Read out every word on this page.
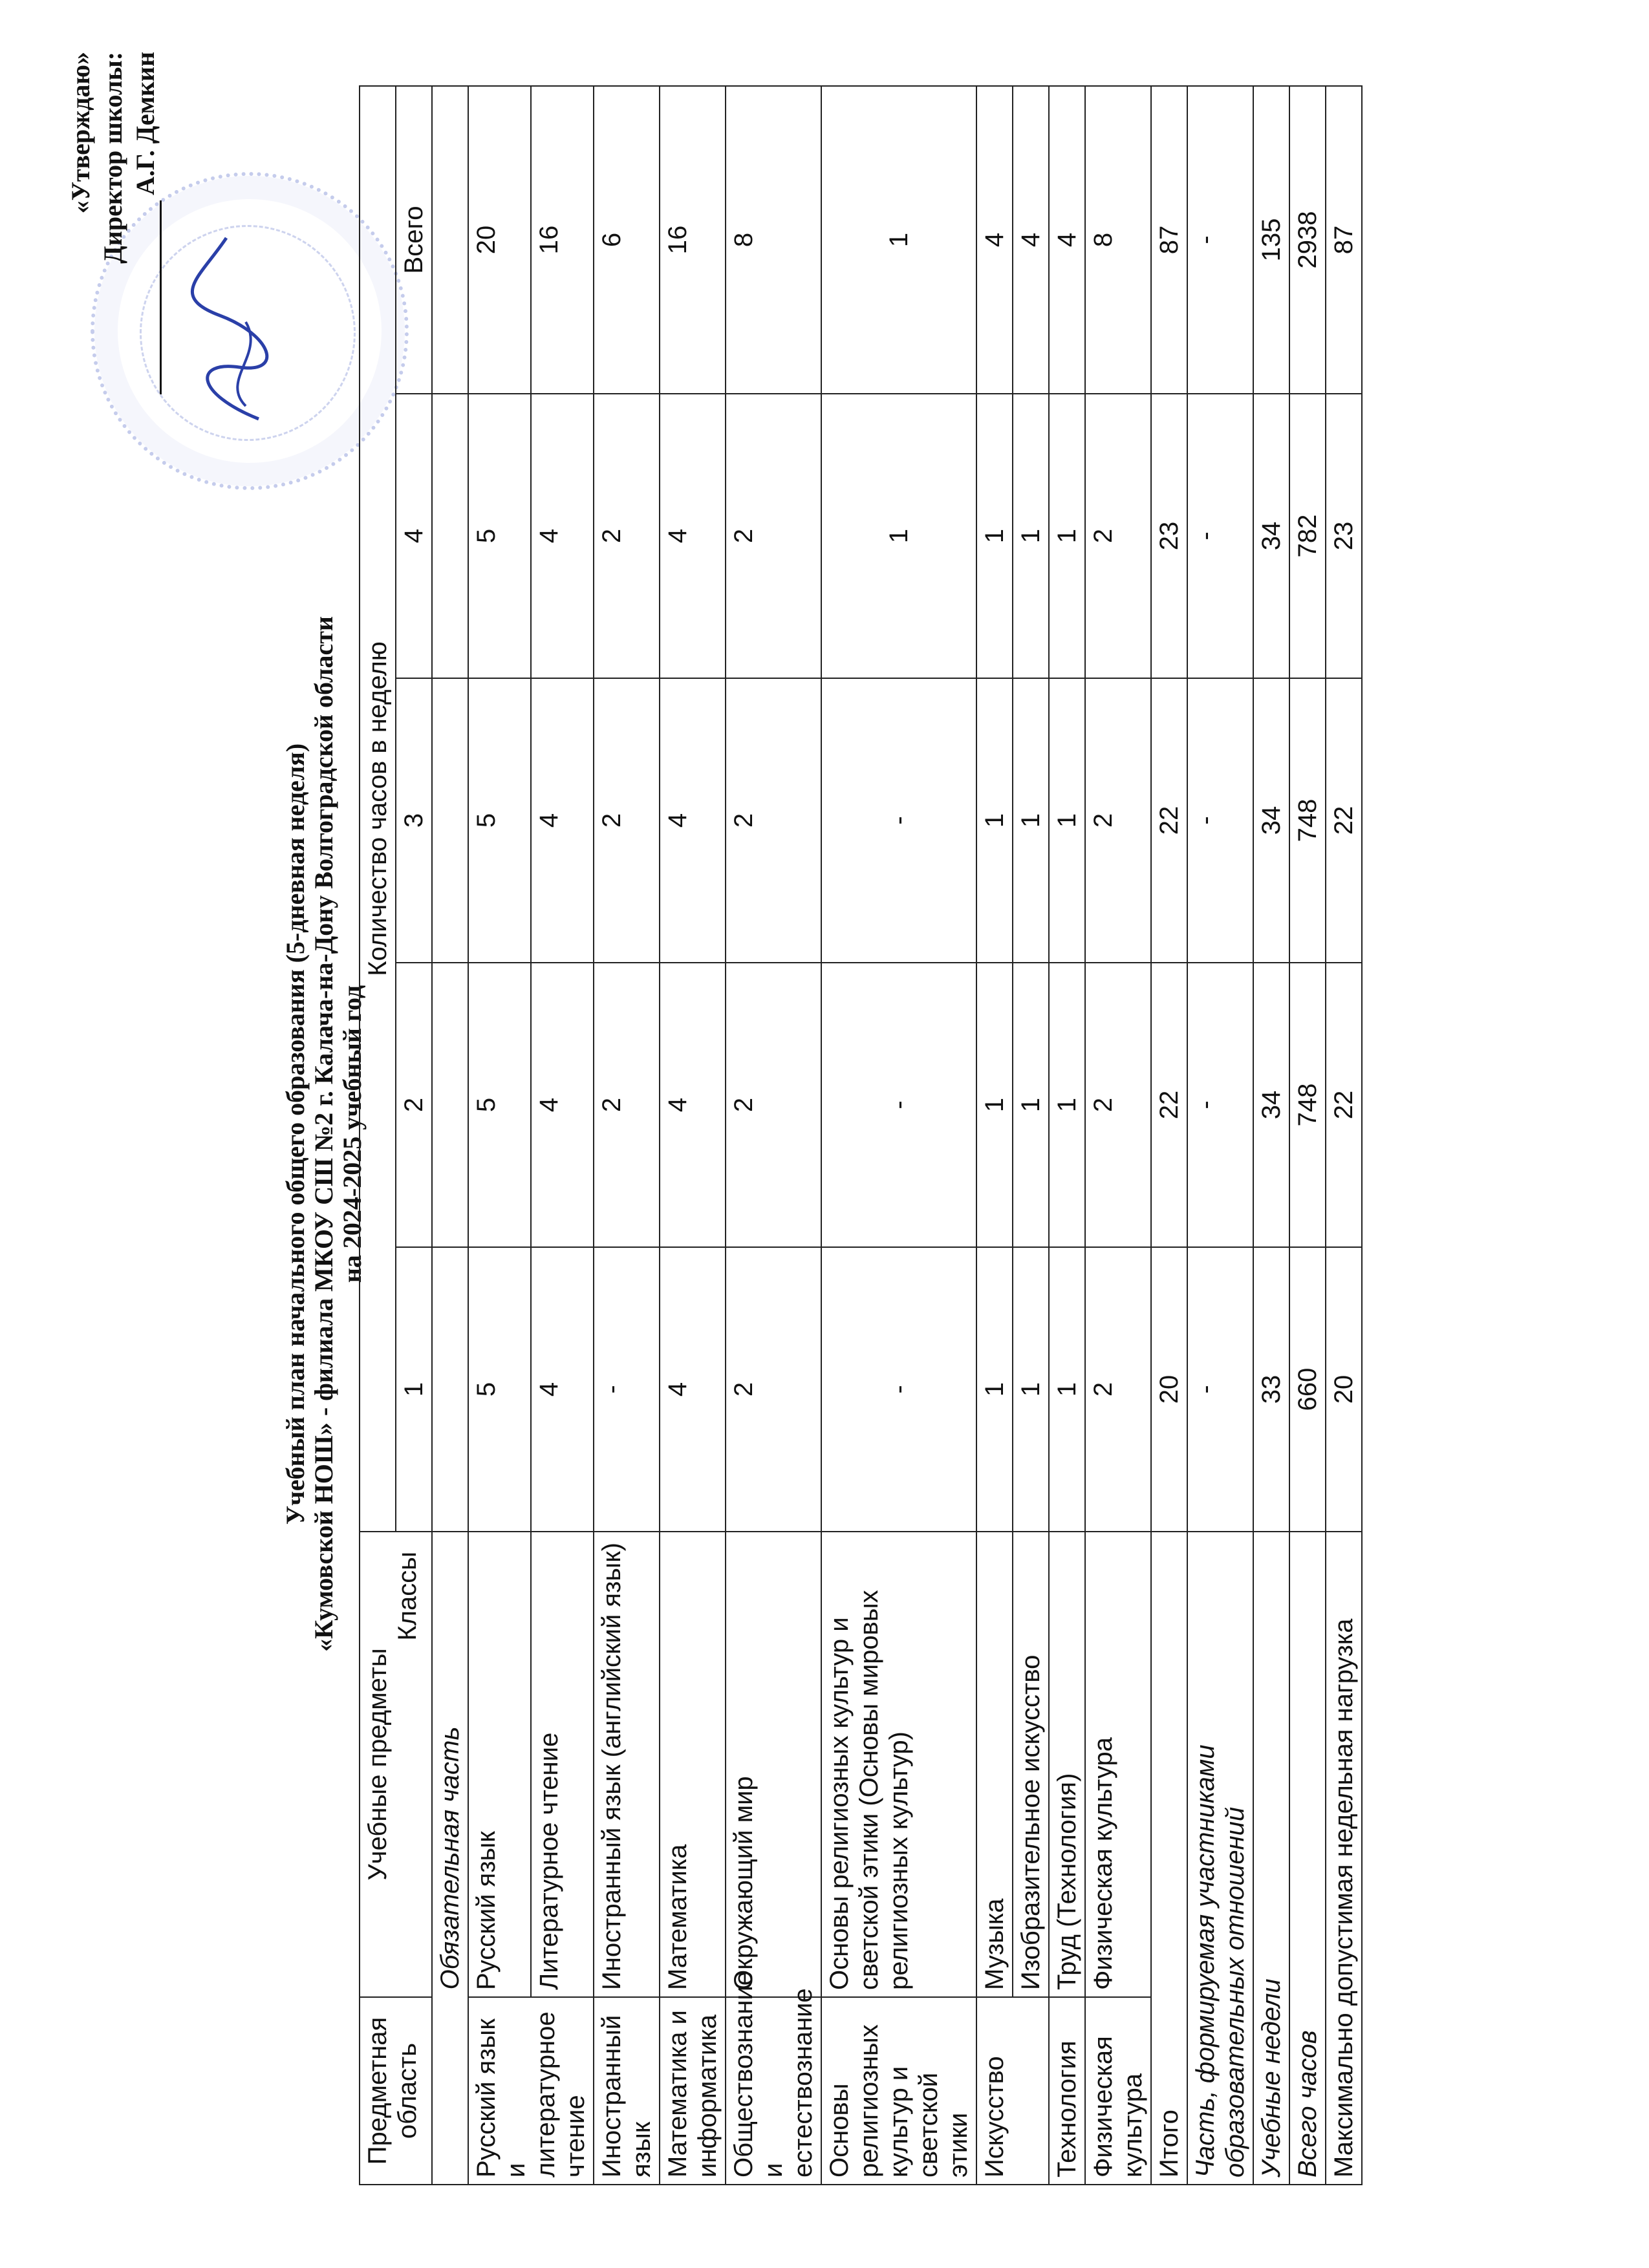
«Утверждаю» Директор школы: А.Г. Демкин
Учебный план начального общего образования (5-дневная неделя) «Кумовской НОШ» - филиала МКОУ СШ №2 г. Калача-на-Дону Волгоградской области на 2024-2025 учебный год
Предметная область	Учебные предметы
Классы	Количество часов в неделю				
		1	2	3	4	Всего
Обязательная часть						
Русский язык и литературное чтение	Русский язык	5	5	5	5	20
	Литературное чтение	4	4	4	4	16
Иностранный язык	Иностранный язык (английский язык)	-	2	2	2	6
Математика и информатика	Математика	4	4	4	4	16
Обществознание и естествознание	Окружающий мир	2	2	2	2	8
Основы религиозных культур и светской этики	Основы религиозных культур и светской этики (Основы мировых религиозных культур)	-	-	-	1	1
Искусство	Музыка	1	1	1	1	4
	Изобразительное искусство	1	1	1	1	4
Технология	Труд (Технология)	1	1	1	1	4
Физическая культура	Физическая культура	2	2	2	2	8
Итого		20	22	22	23	87
Часть, формируемая участниками образовательных отношений		-	-	-	-	-
Учебные недели		33	34	34	34	135
Всего часов		660	748	748	782	2938
Максимально допустимая недельная нагрузка		20	22	22	23	87
